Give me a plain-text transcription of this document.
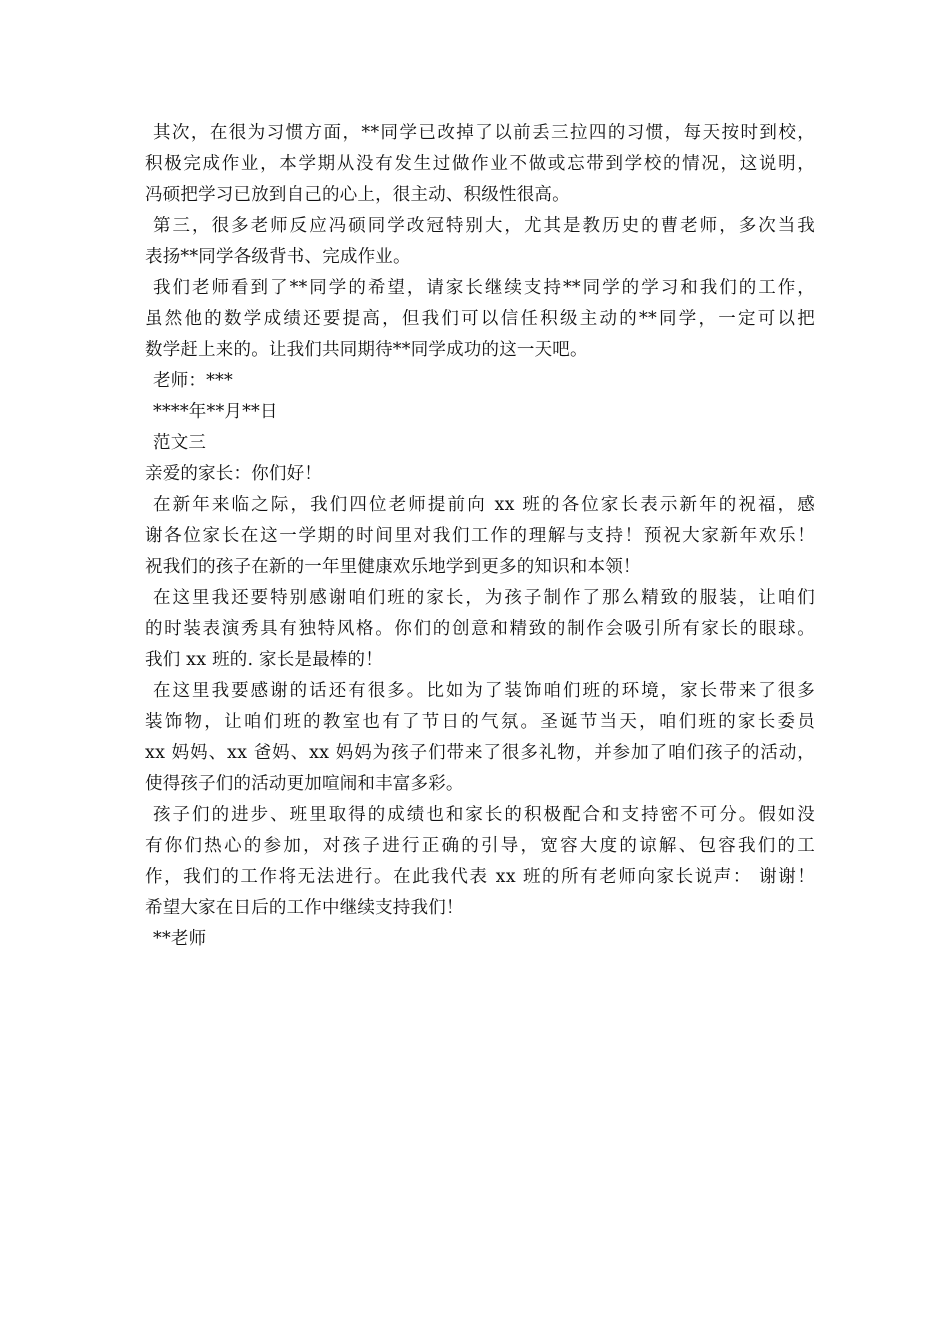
其次，在很为习惯方面，**同学已改掉了以前丢三拉四的习惯，每天按时到校，
积极完成作业，本学期从没有发生过做作业不做或忘带到学校的情况，这说明，
冯硕把学习已放到自己的心上，很主动、积级性很高。
第三，很多老师反应冯硕同学改冠特别大，尤其是教历史的曹老师，多次当我
表扬**同学各级背书、完成作业。
我们老师看到了**同学的希望，请家长继续支持**同学的学习和我们的工作，
虽然他的数学成绩还要提高，但我们可以信任积级主动的**同学，一定可以把
数学赶上来的。让我们共同期待**同学成功的这一天吧。
老师：***
****年**月**日
范文三
亲爱的家长：你们好！
在新年来临之际，我们四位老师提前向 xx 班的各位家长表示新年的祝福，感
谢各位家长在这一学期的时间里对我们工作的理解与支持！预祝大家新年欢乐！
祝我们的孩子在新的一年里健康欢乐地学到更多的知识和本领！
在这里我还要特别感谢咱们班的家长，为孩子制作了那么精致的服装，让咱们
的时装表演秀具有独特风格。你们的创意和精致的制作会吸引所有家长的眼球。
我们 xx 班的. 家长是最棒的！
在这里我要感谢的话还有很多。比如为了装饰咱们班的环境，家长带来了很多
装饰物，让咱们班的教室也有了节日的气氛。圣诞节当天，咱们班的家长委员
xx 妈妈、xx 爸妈、xx 妈妈为孩子们带来了很多礼物，并参加了咱们孩子的活动，
使得孩子们的活动更加喧闹和丰富多彩。
孩子们的进步、班里取得的成绩也和家长的积极配合和支持密不可分。假如没
有你们热心的参加，对孩子进行正确的引导，宽容大度的谅解、包容我们的工
作，我们的工作将无法进行。在此我代表 xx 班的所有老师向家长说声： 谢谢！
希望大家在日后的工作中继续支持我们！
**老师
